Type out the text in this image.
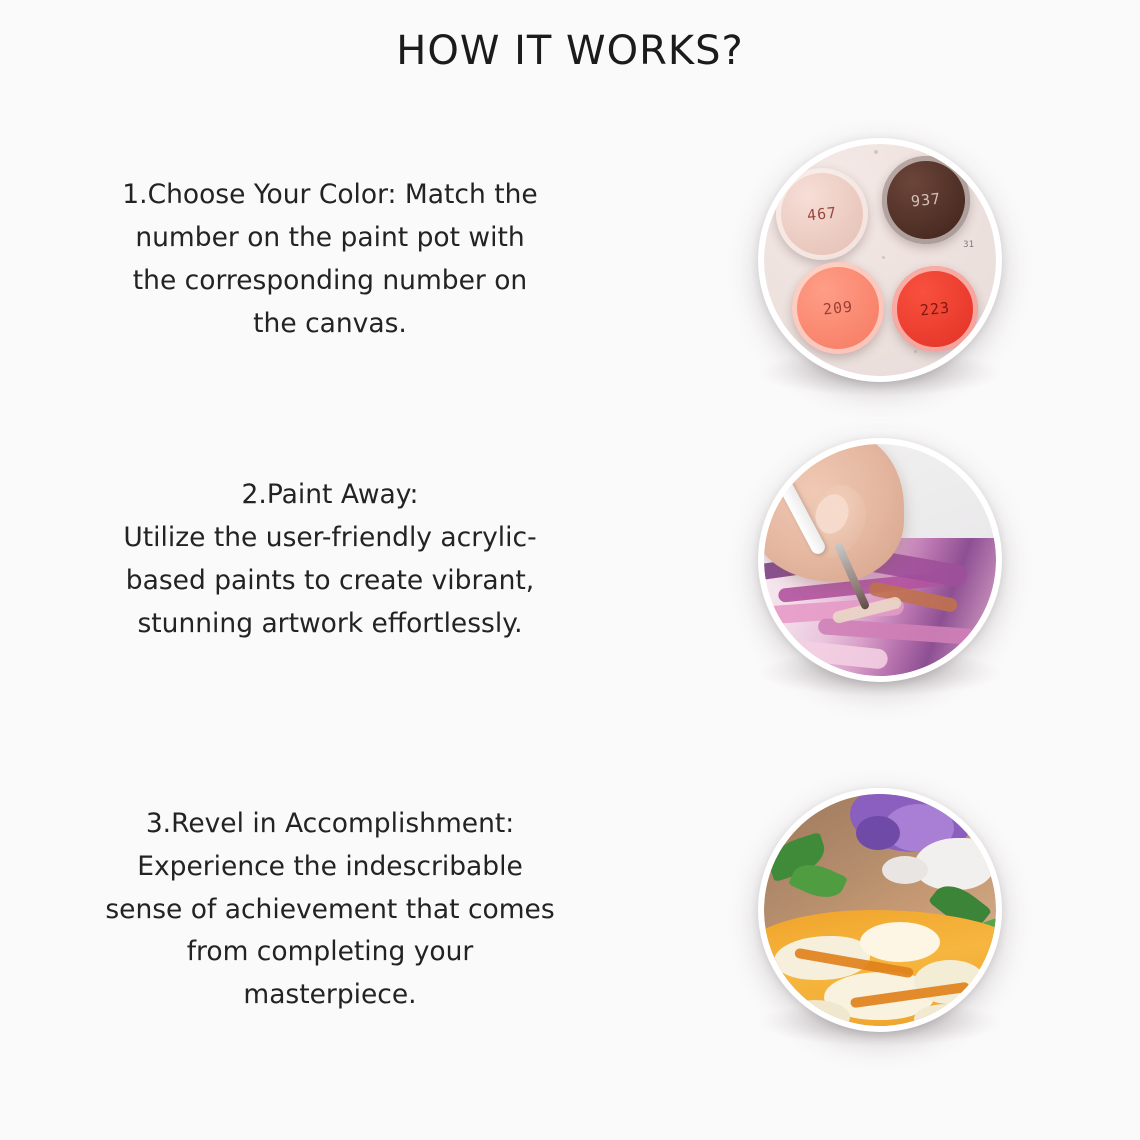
HOW IT WORKS?
1.Choose Your Color: Match the
number on the paint pot with
the corresponding number on
the canvas.
467
937
209	223
31
2.Paint Away:
Utilize the user-friendly acrylic-
based paints to create vibrant,
stunning artwork effortlessly.
3.Revel in Accomplishment:
Experience the indescribable
sense of achievement that comes
from completing your
masterpiece.
